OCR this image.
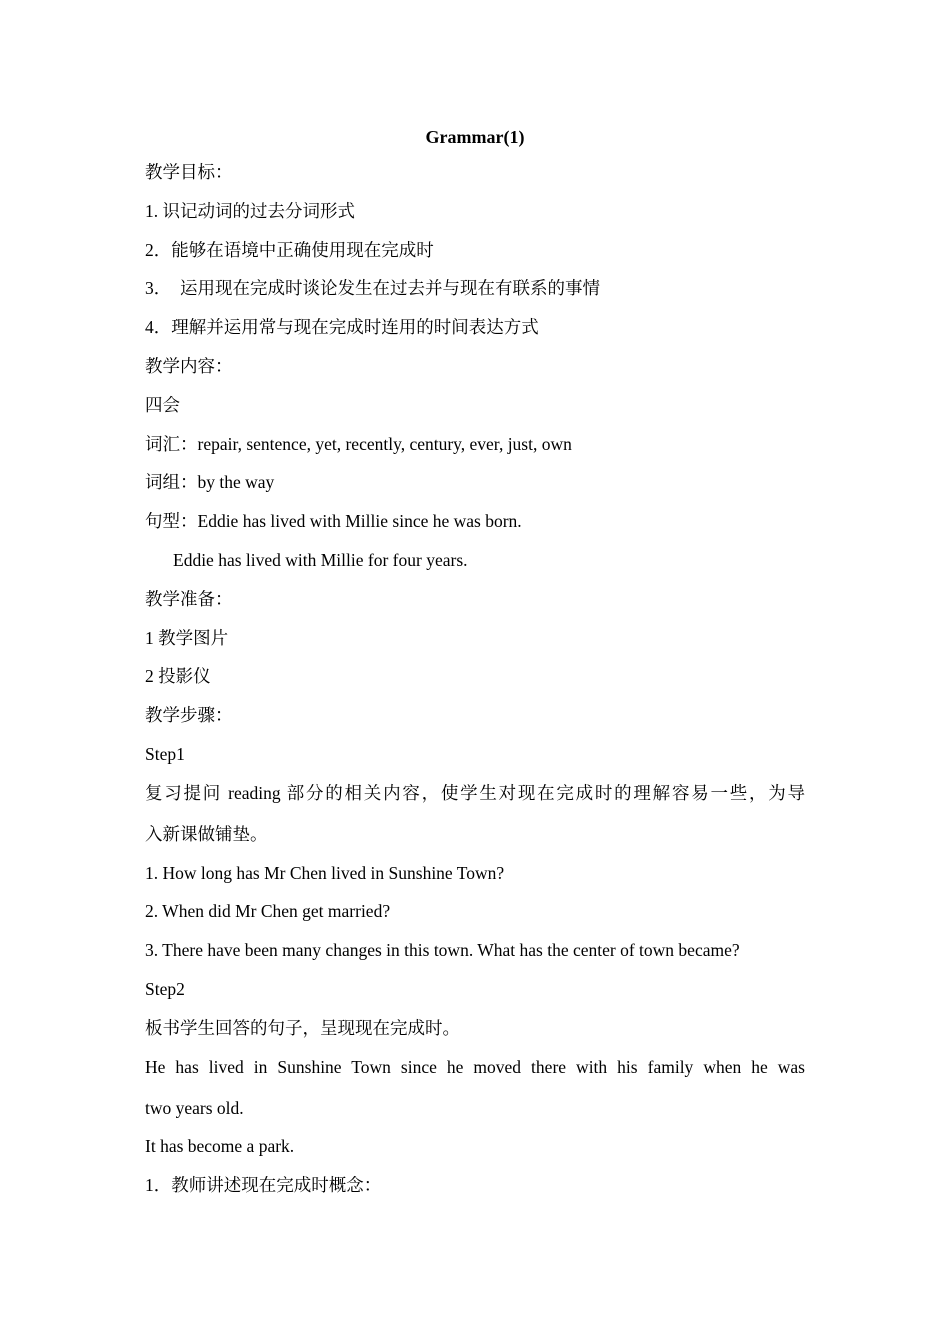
Grammar(1)
教学目标：
1. 识记动词的过去分词形式
2．能够在语境中正确使用现在完成时
3．  运用现在完成时谈论发生在过去并与现在有联系的事情
4．理解并运用常与现在完成时连用的时间表达方式
教学内容：
四会
词汇：repair, sentence, yet, recently, century, ever, just, own
词组：by the way
句型：Eddie has lived with Millie since he was born.
Eddie has lived with Millie for four years.
教学准备：
1 教学图片
2 投影仪
教学步骤：
Step1
复习提问 reading 部分的相关内容，使学生对现在完成时的理解容易一些，为导
入新课做铺垫。
1. How long has Mr Chen lived in Sunshine Town?
2. When did Mr Chen get married?
3. There have been many changes in this town. What has the center of town became?
Step2
板书学生回答的句子，呈现现在完成时。
He has lived in Sunshine Town since he moved there with his family when he was
two years old.
It has become a park.
1．教师讲述现在完成时概念：
